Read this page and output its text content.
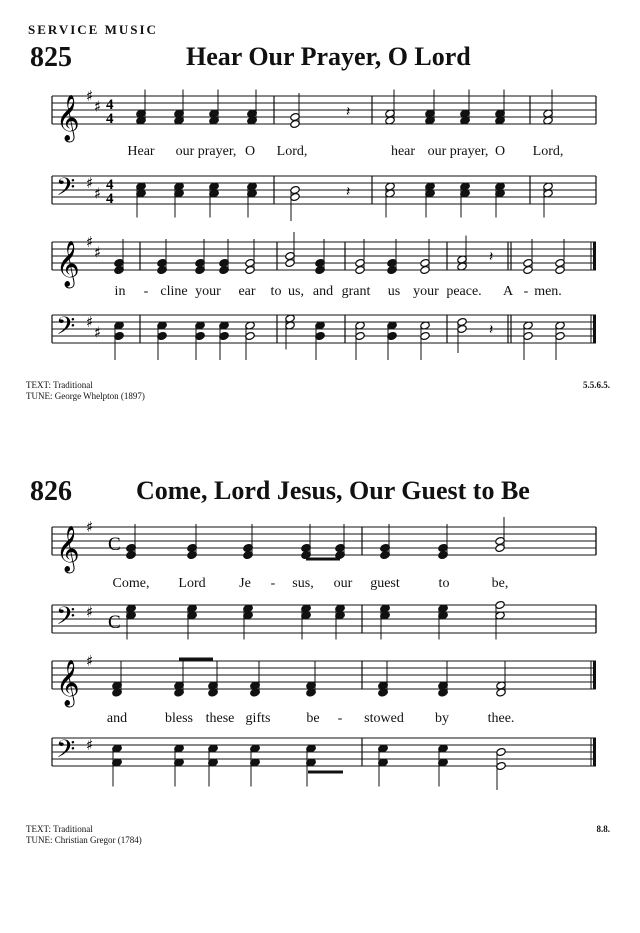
SERVICE MUSIC
825	Hear Our Prayer, O Lord
826 Come, Lord Jesus, Our Guest to Be
𝄞 ♯
♯ 4
4
𝄢 ♯
♯ 4
4
𝄽
𝄽
𝄞 ♯
♯
𝄢 ♯
♯
𝄽
𝄽
𝄞 ♯
C
𝄢 ♯ C
𝄞 ♯
𝄢 ♯
Hear our prayer, O Lord,	hear our prayer, O Lord,
in - cline your ear to us, and grant us your peace. A - men.
Come, Lord Je - sus, our guest	to	be,
and	bless these gifts	be - stowed by	thee.
TEXT: Traditional
TUNE: George Whelpton (1897)
5.5.6.5.
TEXT: Traditional
TUNE: Christian Gregor (1784)
8.8.
